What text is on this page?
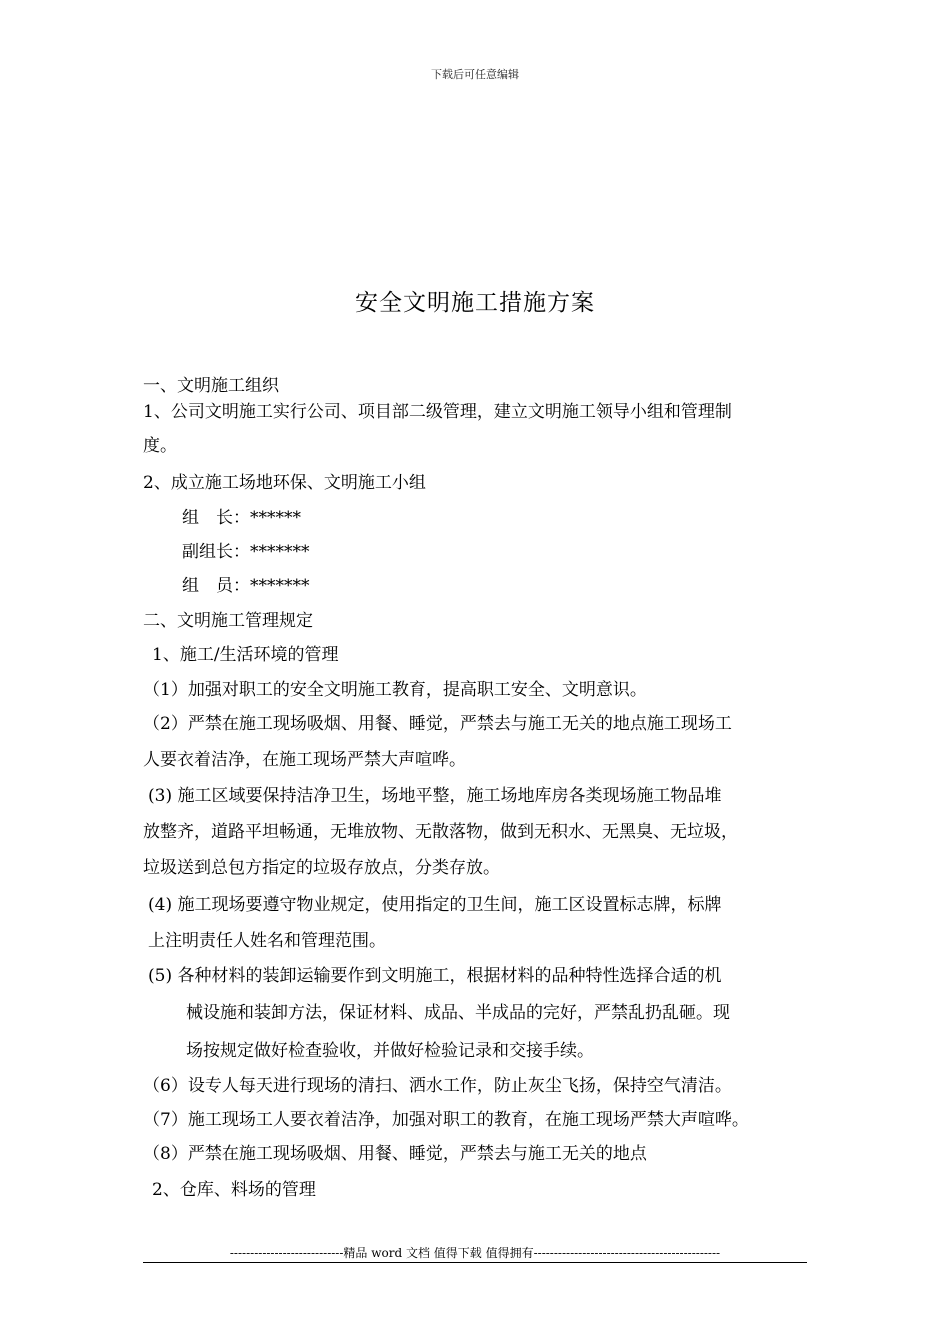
下载后可任意编辑
安全文明施工措施方案
一、文明施工组织
1、公司文明施工实行公司、项目部二级管理，建立文明施工领导小组和管理制
度。
2、成立施工场地环保、文明施工小组
组　长：******
副组长：*******
组　员：*******
二、文明施工管理规定
1、施工/生活环境的管理
（1）加强对职工的安全文明施工教育，提高职工安全、文明意识。
（2）严禁在施工现场吸烟、用餐、睡觉，严禁去与施工无关的地点施工现场工
人要衣着洁净，在施工现场严禁大声喧哗。
(3) 施工区域要保持洁净卫生，场地平整，施工场地库房各类现场施工物品堆
放整齐，道路平坦畅通，无堆放物、无散落物，做到无积水、无黑臭、无垃圾，
垃圾送到总包方指定的垃圾存放点，分类存放。
(4) 施工现场要遵守物业规定，使用指定的卫生间，施工区设置标志牌，标牌
上注明责任人姓名和管理范围。
(5) 各种材料的装卸运输要作到文明施工，根据材料的品种特性选择合适的机
械设施和装卸方法，保证材料、成品、半成品的完好，严禁乱扔乱砸。现
场按规定做好检查验收，并做好检验记录和交接手续。
（6）设专人每天进行现场的清扫、洒水工作，防止灰尘飞扬，保持空气清洁。
（7）施工现场工人要衣着洁净，加强对职工的教育，在施工现场严禁大声喧哗。
（8）严禁在施工现场吸烟、用餐、睡觉，严禁去与施工无关的地点
2、仓库、料场的管理
----------------------------精品 word 文档 值得下载 值得拥有----------------------------------------------
